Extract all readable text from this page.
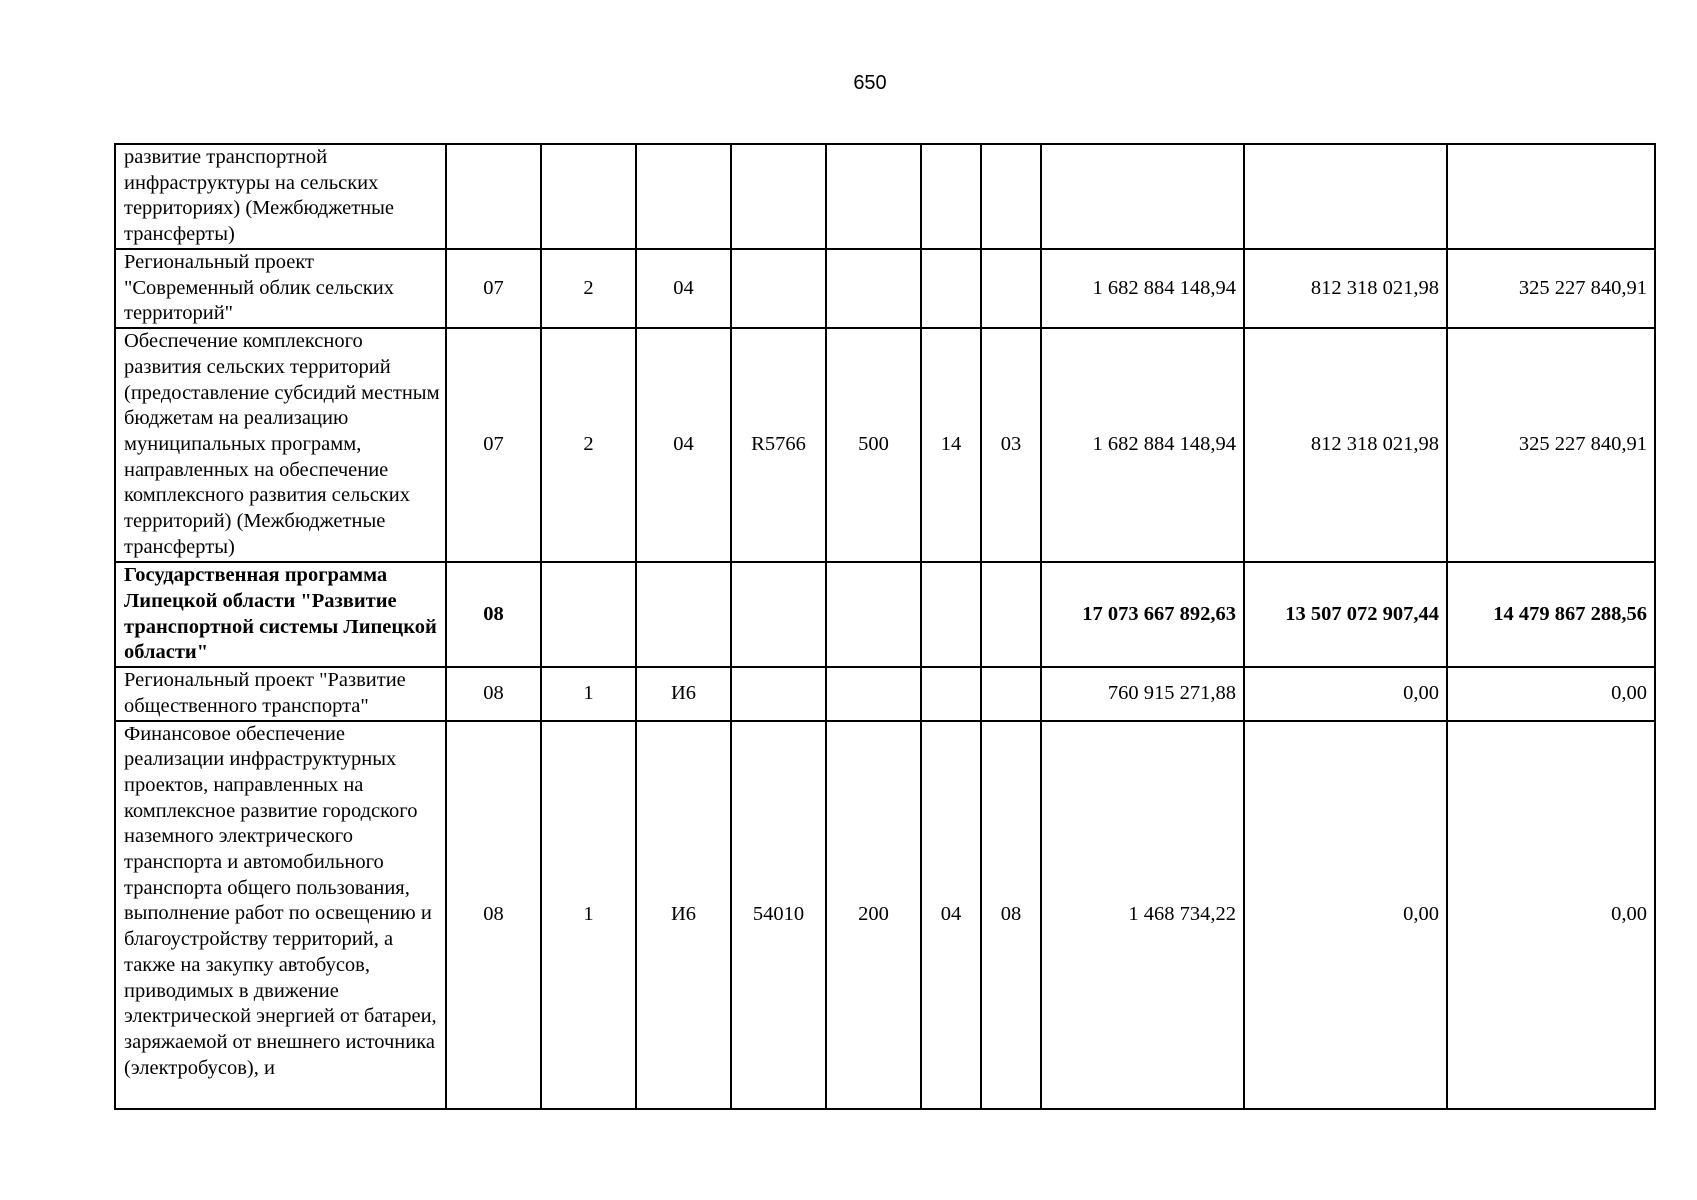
650
развитие транспортной инфраструктуры на сельских территориях) (Межбюджетные трансферты)										
Региональный проект "Современный облик сельских территорий"	07	2	04					1 682 884 148,94	812 318 021,98	325 227 840,91
Обеспечение комплексного развития сельских территорий (предоставление субсидий местным бюджетам на реализацию муниципальных программ, направленных на обеспечение комплексного развития сельских территорий) (Межбюджетные трансферты)	07	2	04	R5766	500	14	03	1 682 884 148,94	812 318 021,98	325 227 840,91
Государственная программа Липецкой области "Развитие транспортной системы Липецкой области"	08							17 073 667 892,63	13 507 072 907,44	14 479 867 288,56
Региональный проект "Развитие общественного транспорта"	08	1	И6					760 915 271,88	0,00	0,00
Финансовое обеспечение реализации инфраструктурных проектов, направленных на комплексное развитие городского наземного электрического транспорта и автомобильного транспорта общего пользования, выполнение работ по освещению и благоустройству территорий, а также на закупку автобусов, приводимых в движение электрической энергией от батареи, заряжаемой от внешнего источника (электробусов), и	08	1	И6	54010	200	04	08	1 468 734,22	0,00	0,00
